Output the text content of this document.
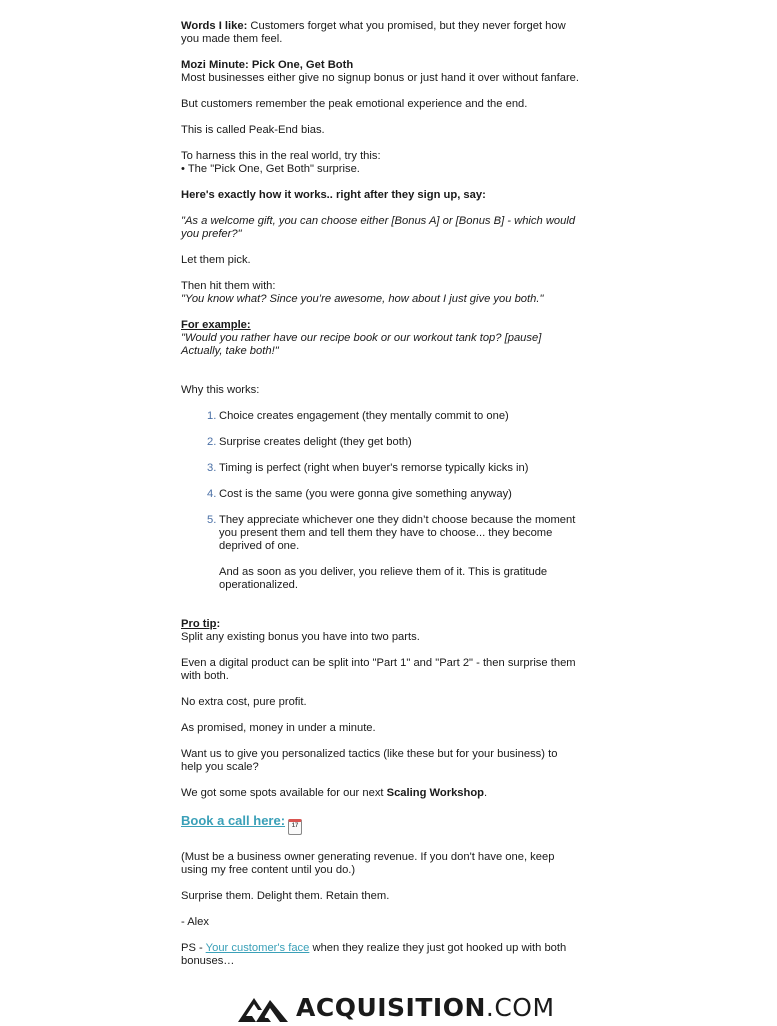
Words I like: Customers forget what you promised, but they never forget how you made them feel.

Mozi Minute: Pick One, Get Both

Most businesses either give no signup bonus or just hand it over without fanfare.

But customers remember the peak emotional experience and the end.

This is called Peak-End bias.

To harness this in the real world, try this:

• The "Pick One, Get Both" surprise.

Here's exactly how it works.. right after they sign up, say:

"As a welcome gift, you can choose either [Bonus A] or [Bonus B] - which would you prefer?"

Let them pick.

Then hit them with:

"You know what? Since you’re awesome, how about I just give you both."

For example:

"Would you rather have our recipe book or our workout tank top? [pause] Actually, take both!"

Why this works:

1. Choice creates engagement (they mentally commit to one)

2. Surprise creates delight (they get both)

3. Timing is perfect (right when buyer's remorse typically kicks in)

4. Cost is the same (you were gonna give something anyway)

5. They appreciate whichever one they didn’t choose because the moment you present them and tell them they have to choose... they become deprived of one.

And as soon as you deliver, you relieve them of it. This is gratitude operationalized.

Pro tip:

Split any existing bonus you have into two parts.

Even a digital product can be split into "Part 1" and "Part 2" - then surprise them with both.

No extra cost, pure profit.

As promised, money in under a minute.

Want us to give you personalized tactics (like these but for your business) to help you scale?

We got some spots available for our next Scaling Workshop.

Book a call here: 17

(Must be a business owner generating revenue. If you don't have one, keep using my free content until you do.)

Surprise them. Delight them. Retain them.

- Alex

PS - Your customer's face when they realize they just got hooked up with both bonuses…

ACQUISITION.COM
